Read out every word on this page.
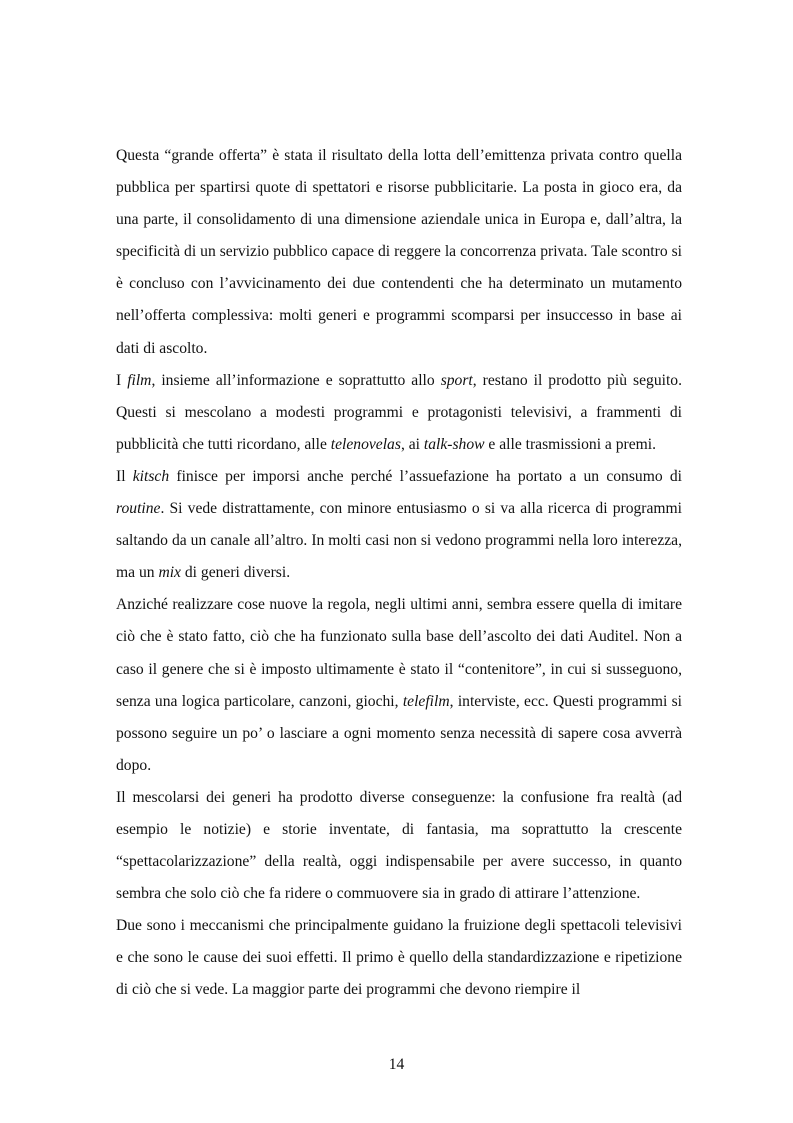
Questa “grande offerta” è stata il risultato della lotta dell’emittenza privata contro quella pubblica per spartirsi quote di spettatori e risorse pubblicitarie. La posta in gioco era, da una parte, il consolidamento di una dimensione aziendale unica in Europa e, dall’altra, la specificità di un servizio pubblico capace di reggere la concorrenza privata. Tale scontro si è concluso con l’avvicinamento dei due contendenti che ha determinato un mutamento nell’offerta complessiva: molti generi e programmi scomparsi per insuccesso in base ai dati di ascolto.

I film, insieme all’informazione e soprattutto allo sport, restano il prodotto più seguito. Questi si mescolano a modesti programmi e protagonisti televisivi, a frammenti di pubblicità che tutti ricordano, alle telenovelas, ai talk-show e alle trasmissioni a premi.

Il kitsch finisce per imporsi anche perché l’assuefazione ha portato a un consumo di routine. Si vede distrattamente, con minore entusiasmo o si va alla ricerca di programmi saltando da un canale all’altro. In molti casi non si vedono programmi nella loro interezza, ma un mix di generi diversi.

Anziché realizzare cose nuove la regola, negli ultimi anni, sembra essere quella di imitare ciò che è stato fatto, ciò che ha funzionato sulla base dell’ascolto dei dati Auditel. Non a caso il genere che si è imposto ultimamente è stato il “contenitore”, in cui si susseguono, senza una logica particolare, canzoni, giochi, telefilm, interviste, ecc. Questi programmi si possono seguire un po’ o lasciare a ogni momento senza necessità di sapere cosa avverrà dopo.

Il mescolarsi dei generi ha prodotto diverse conseguenze: la confusione fra realtà (ad esempio le notizie) e storie inventate, di fantasia, ma soprattutto la crescente “spettacolarizzazione” della realtà, oggi indispensabile per avere successo, in quanto sembra che solo ciò che fa ridere o commuovere sia in grado di attirare l’attenzione.

Due sono i meccanismi che principalmente guidano la fruizione degli spettacoli televisivi e che sono le cause dei suoi effetti. Il primo è quello della standardizzazione e ripetizione di ciò che si vede. La maggior parte dei programmi che devono riempire il

14
